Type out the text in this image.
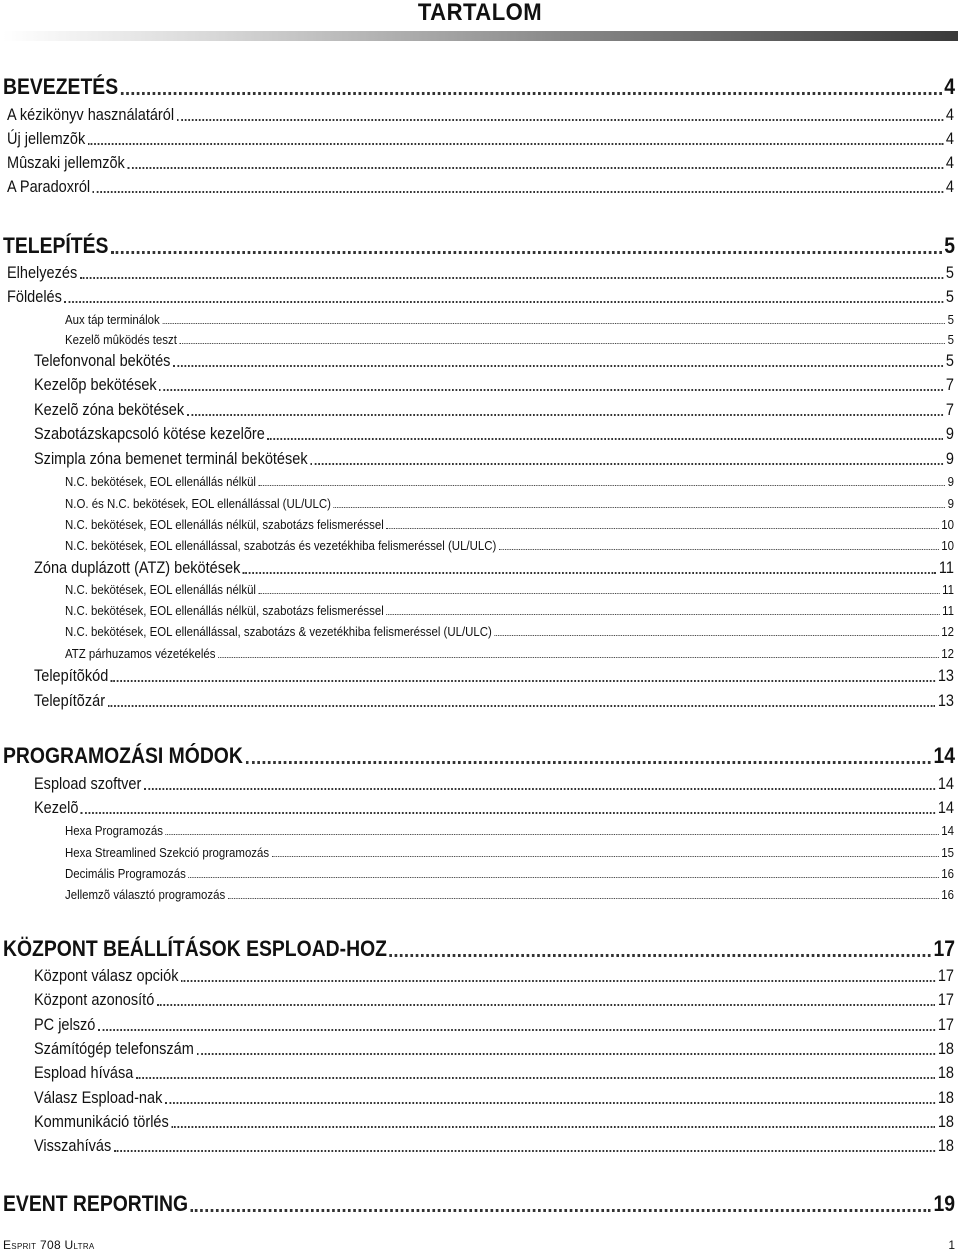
TARTALOM
BEVEZETÉS	4
A kézikönyv használatáról	4
Új jellemzõk	4
Mûszaki jellemzõk	4
A Paradoxról	4
TELEPÍTÉS	5
Elhelyezés	5
Földelés	5
Aux táp terminálok	5
Kezelõ mûködés teszt	5
Telefonvonal bekötés	5
Kezelõp bekötések	7
Kezelõ zóna bekötések	7
Szabotázskapcsoló kötése kezelõre	9
Szimpla zóna bemenet terminál bekötések	9
N.C. bekötések, EOL ellenállás nélkül	9
N.O. és N.C. bekötések, EOL ellenállással (UL/ULC)	9
N.C. bekötések, EOL ellenállás nélkül, szabotázs felismeréssel	10
N.C. bekötések, EOL ellenállással, szabotzás és vezetékhiba felismeréssel (UL/ULC)	10
Zóna duplázott (ATZ) bekötések	11
N.C. bekötések, EOL ellenállás nélkül	11
N.C. bekötések, EOL ellenállás nélkül, szabotázs felismeréssel	11
N.C. bekötések, EOL ellenállással, szabotázs & vezetékhiba felismeréssel (UL/ULC)	12
ATZ párhuzamos vézetékelés	12
Telepítõkód	13
Telepítõzár	13
PROGRAMOZÁSI MÓDOK	14
Espload szoftver	14
Kezelõ	14
Hexa Programozás	14
Hexa Streamlined Szekció programozás	15
Decimális Programozás	16
Jellemzõ választó programozás	16
KÖZPONT BEÁLLÍTÁSOK ESPLOAD-HOZ	17
Központ válasz opciók	17
Központ azonosító	17
PC jelszó	17
Számítógép telefonszám	18
Espload hívása	18
Válasz Espload-nak	18
Kommunikáció törlés	18
Visszahívás	18
EVENT REPORTING	19
Esprit 708 Ultra	1
